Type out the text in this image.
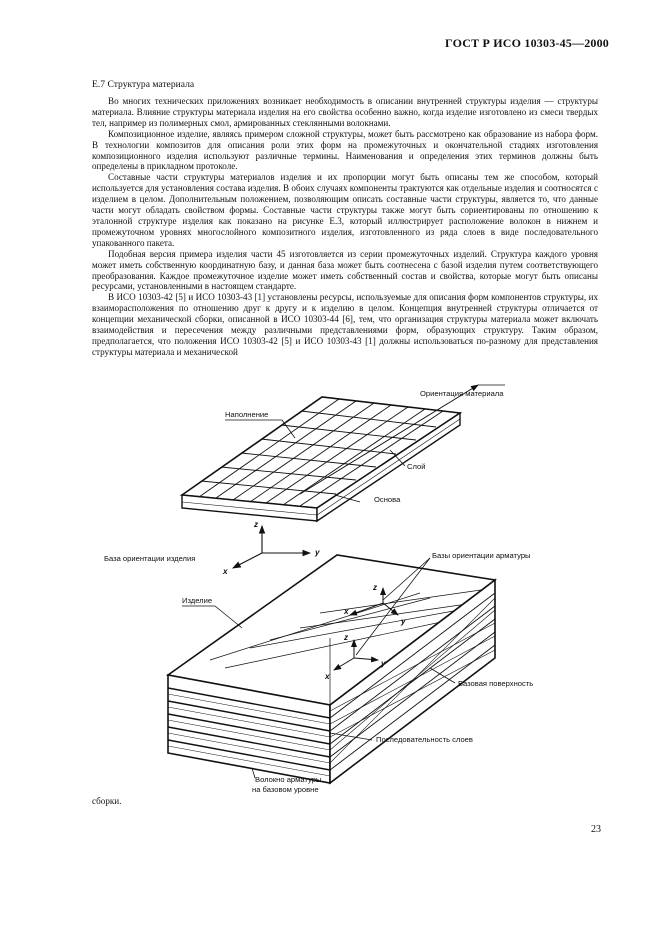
ГОСТ Р ИСО 10303-45—2000
E.7 Структура материала

Во многих технических приложениях возникает необходимость в описании внутренней структуры изделия — структуры материала. Влияние структуры материала изделия на его свойства особенно важно, когда изделие изготовлено из смеси твердых тел, например из полимерных смол, армированных стеклянными волокнами.

Композиционное изделие, являясь примером сложной структуры, может быть рассмотрено как образование из набора форм. В технологии композитов для описания роли этих форм на промежуточных и окончательной стадиях изготовления композиционного изделия используют различные термины. Наименования и определения этих терминов должны быть определены в прикладном протоколе.

Составные части структуры материалов изделия и их пропорции могут быть описаны тем же способом, который используется для установления состава изделия. В обоих случаях компоненты трактуются как отдельные изделия и соотносятся с изделием в целом. Дополнительным положением, позволяющим описать составные части структуры, является то, что данные части могут обладать свойством формы. Составные части структуры также могут быть сориентированы по отношению к эталонной структуре изделия как показано на рисунке E.3, который иллюстрирует расположение волокон в нижнем и промежуточном уровнях многослойного композитного изделия, изготовленного из ряда слоев в виде последовательного упакованного пакета.

Подобная версия примера изделия части 45 изготовляется из серии промежуточных изделий. Структура каждого уровня может иметь собственную координатную базу, и данная база может быть соотнесена с базой изделия путем соответствующего преобразования. Каждое промежуточное изделие может иметь собственный состав и свойства, которые могут быть описаны ресурсами, установленными в настоящем стандарте.

В ИСО 10303-42 [5] и ИСО 10303-43 [1] установлены ресурсы, используемые для описания форм компонентов структуры, их взаиморасположения по отношению друг к другу и к изделию в целом. Концепция внутренней структуры отличается от концепции механической сборки, описанной в ИСО 10303-44 [6], тем, что организация структуры материала может включать взаимодействия и пересечения между различными представлениями форм, образующих структуру. Таким образом, предполагается, что положения ИСО 10303-42 [5] и ИСО 10303-43 [1] должны использоваться по-разному для представления структуры материала и механической

Ориентация материала
Наполнение
Слой
Основа
z
y
x
База ориентации изделия
z
y
x
z
y
x
Базы ориентации арматуры
Изделие
Базовая поверхность
Последовательность слоев
Волокно арматуры
на базовом уровне
сборки.
23
